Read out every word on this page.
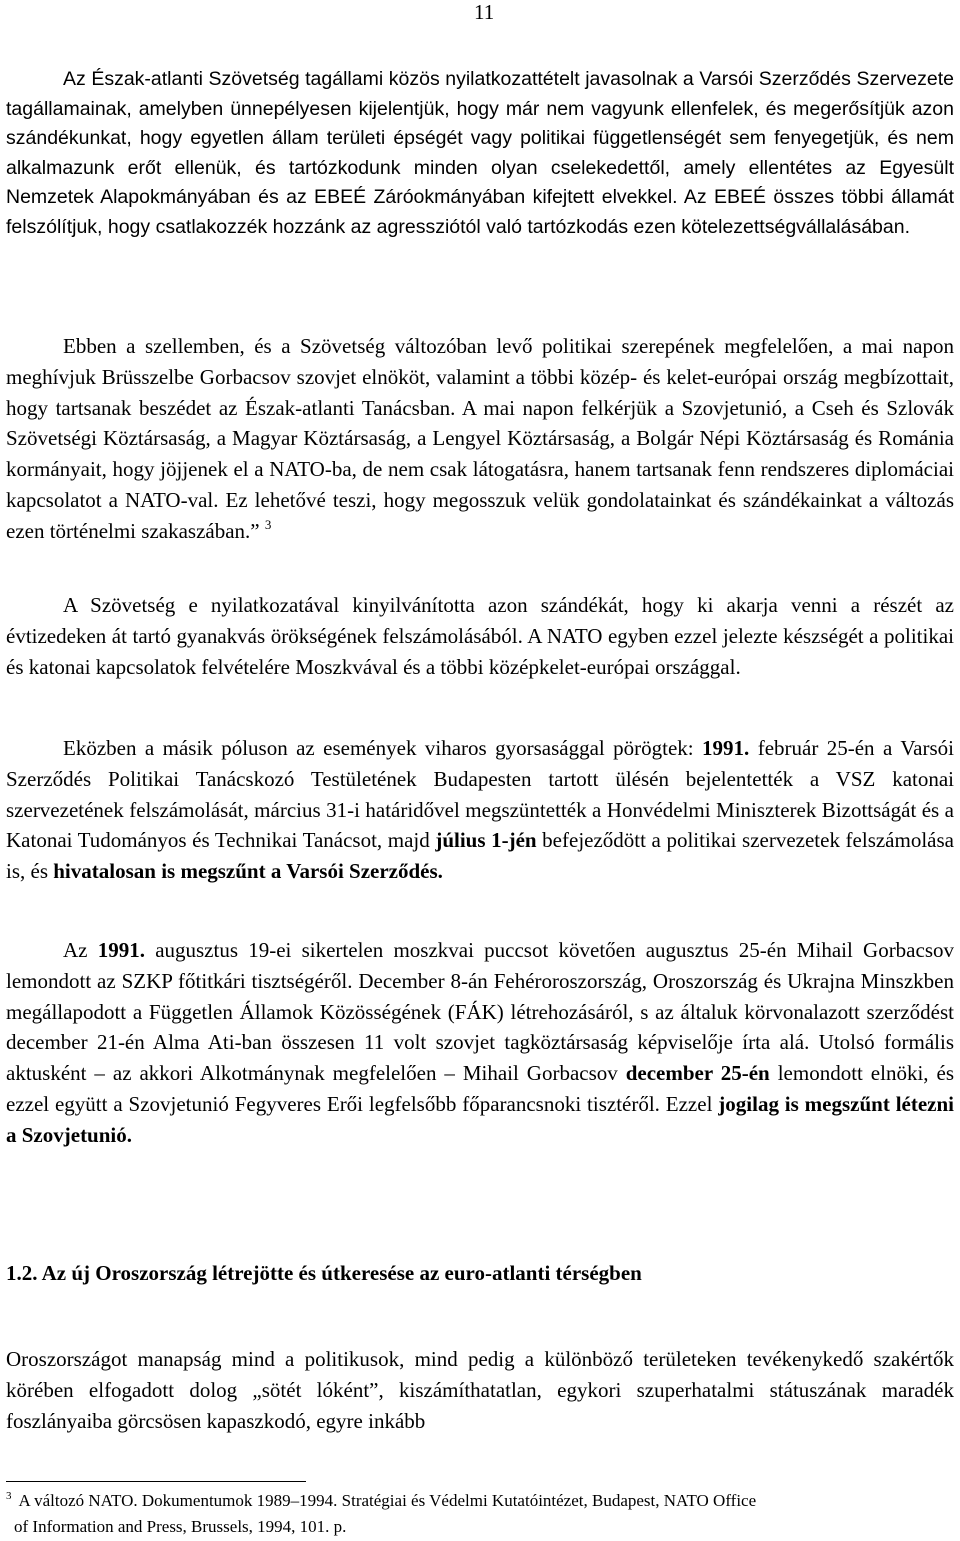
11

Az Észak-atlanti Szövetség tagállami közös nyilatkozattételt javasolnak a Varsói Szerződés Szervezete tagállamainak, amelyben ünnepélyesen kijelentjük, hogy már nem vagyunk ellenfelek, és megerősítjük azon szándékunkat, hogy egyetlen állam területi épségét vagy politikai függetlenségét sem fenyegetjük, és nem alkalmazunk erőt ellenük, és tartózkodunk minden olyan cselekedettől, amely ellentétes az Egyesült Nemzetek Alapokmányában és az EBEÉ Záróokmányában kifejtett elvekkel. Az EBEÉ összes többi államát felszólítjuk, hogy csatlakozzék hozzánk az agressziótól való tartózkodás ezen kötelezettségvállalásában.

Ebben a szellemben, és a Szövetség változóban levő politikai szerepének megfelelően, a mai napon meghívjuk Brüsszelbe Gorbacsov szovjet elnököt, valamint a többi közép- és kelet-európai ország megbízottait, hogy tartsanak beszédet az Észak-atlanti Tanácsban. A mai napon felkérjük a Szovjetunió, a Cseh és Szlovák Szövetségi Köztársaság, a Magyar Köztársaság, a Lengyel Köztársaság, a Bolgár Népi Köztársaság és Románia kormányait, hogy jöjjenek el a NATO-ba, de nem csak látogatásra, hanem tartsanak fenn rendszeres diplomáciai kapcsolatot a NATO-val. Ez lehetővé teszi, hogy megosszuk velük gondolatainkat és szándékainkat a változás ezen történelmi szakaszában.” $^3$

A Szövetség e nyilatkozatával kinyilvánította azon szándékát, hogy ki akarja venni a részét az évtizedeken át tartó gyanakvás örökségének felszámolásából. A NATO egyben ezzel jelezte készségét a politikai és katonai kapcsolatok felvételére Moszkvával és a többi középkelet-európai országgal.

Eközben a másik póluson az események viharos gyorsasággal pörögtek: 1991. február 25-én a Varsói Szerződés Politikai Tanácskozó Testületének Budapesten tartott ülésén bejelentették a VSZ katonai szervezetének felszámolását, március 31-i határidővel megszüntették a Honvédelmi Miniszterek Bizottságát és a Katonai Tudományos és Technikai Tanácsot, majd július 1-jén befejeződött a politikai szervezetek felszámolása is, és hivatalosan is megszűnt a Varsói Szerződés.

Az 1991. augusztus 19-ei sikertelen moszkvai puccsot követően augusztus 25-én Mihail Gorbacsov lemondott az SZKP főtitkári tisztségéről. December 8-án Fehéroroszország, Oroszország és Ukrajna Minszkben megállapodott a Független Államok Közösségének (FÁK) létrehozásáról, s az általuk körvonalazott szerződést december 21-én Alma Ati-ban összesen 11 volt szovjet tagköztársaság képviselője írta alá. Utolsó formális aktusként – az akkori Alkotmánynak megfelelően – Mihail Gorbacsov december 25-én lemondott elnöki, és ezzel együtt a Szovjetunió Fegyveres Erői legfelsőbb főparancsnoki tisztéről. Ezzel jogilag is megszűnt létezni a Szovjetunió.

1.2. Az új Oroszország létrejötte és útkeresése az euro-atlanti térségben

Oroszországot manapság mind a politikusok, mind pedig a különböző területeken tevékenykedő szakértők körében elfogadott dolog „sötét lóként”, kiszámíthatatlan, egykori szuperhatalmi státuszának maradék foszlányaiba görcsösen kapaszkodó, egyre inkább

$^3$ A változó NATO. Dokumentumok 1989–1994. Stratégiai és Védelmi Kutatóintézet, Budapest, NATO Office
of Information and Press, Brussels, 1994, 101. p.
